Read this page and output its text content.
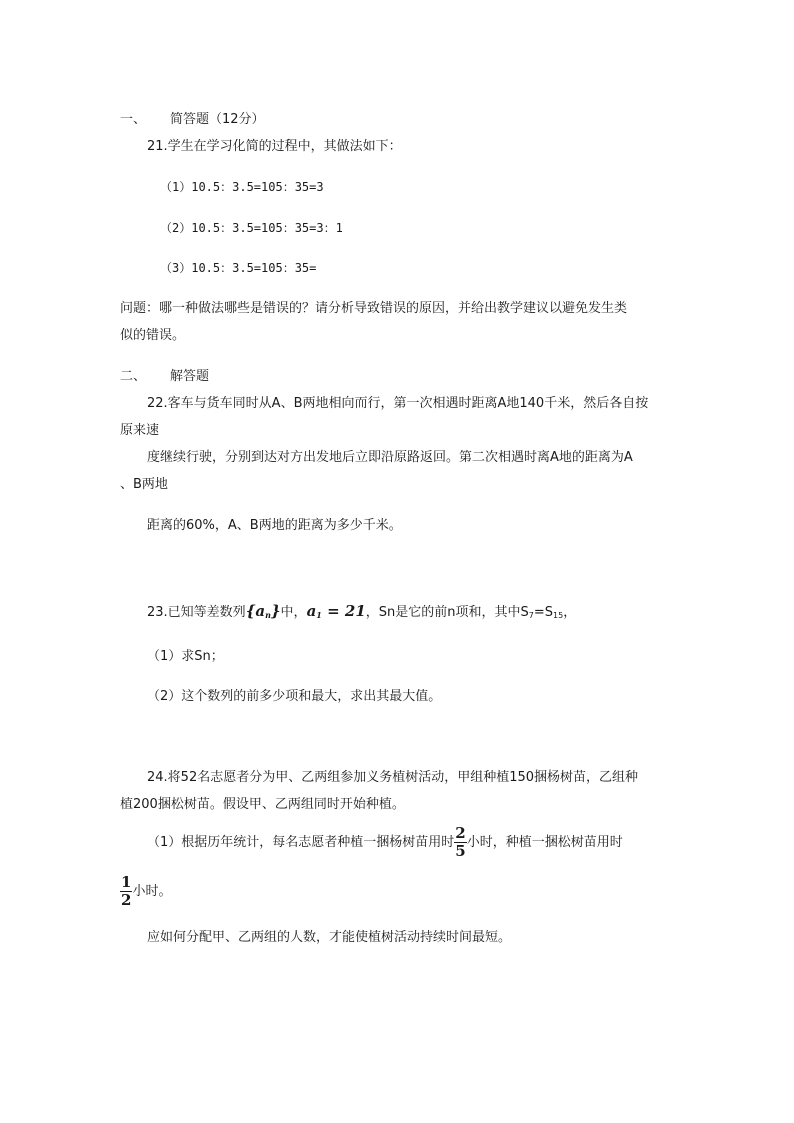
一、 简答题（12分）
21.学生在学习化简的过程中，其做法如下：
（1）10.5：3.5=105：35=3
（2）10.5：3.5=105：35=3：1
（3）10.5：3.5=105：35=
问题：哪一种做法哪些是错误的？请分析导致错误的原因，并给出教学建议以避免发生类
似的错误。
二、 解答题
22.客车与货车同时从A、B两地相向而行，第一次相遇时距离A地140千米，然后各自按
原来速
度继续行驶，分别到达对方出发地后立即沿原路返回。第二次相遇时离A地的距离为A
、B两地
距离的60%，A、B两地的距离为多少千米。
23.已知等差数列$\{a_n\}$中，$a_1 = 21$，Sn是它的前n项和，其中$S_7=S_{15}$，
（1）求Sn；
（2）这个数列的前多少项和最大，求出其最大值。
24.将52名志愿者分为甲、乙两组参加义务植树活动，甲组种植150捆杨树苗，乙组种
植200捆松树苗。假设甲、乙两组同时开始种植。
（1）根据历年统计，每名志愿者种植一捆杨树苗用时 $\frac{2}{5}$ 小时，种植一捆松树苗用时
$\frac{1}{2}$ 小时。
应如何分配甲、乙两组的人数，才能使植树活动持续时间最短。
